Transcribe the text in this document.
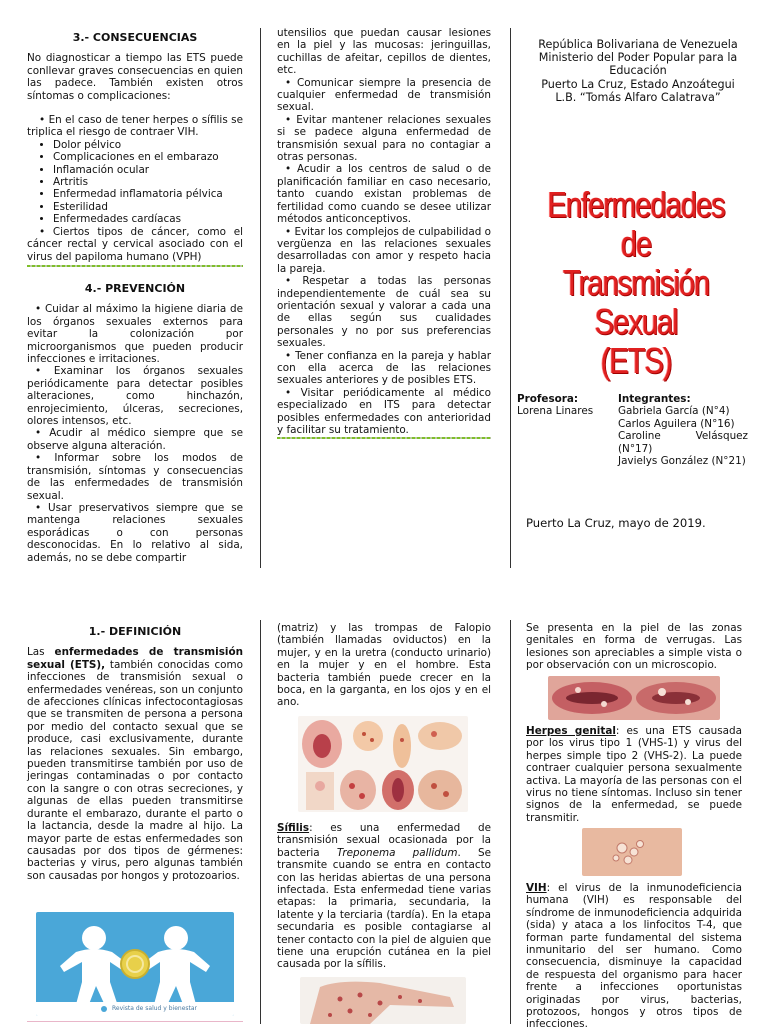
3.- CONSECUENCIAS

No diagnosticar a tiempo las ETS puede conllevar graves consecuencias en quien las padece. También existen otros síntomas o complicaciones:

• En el caso de tener herpes o sífilis se triplica el riesgo de contraer VIH.

• Dolor pélvico
• Complicaciones en el embarazo
• Inflamación ocular
• Artritis
• Enfermedad inflamatoria pélvica
• Esterilidad
• Enfermedades cardíacas

• Ciertos tipos de cáncer, como el cáncer rectal y cervical asociado con el virus del papiloma humano (VPH)

4.- PREVENCIÓN

• Cuidar al máximo la higiene diaria de los órganos sexuales externos para evitar la colonización por microorganismos que pueden producir infecciones e irritaciones.

• Examinar los órganos sexuales periódicamente para detectar posibles alteraciones, como hinchazón, enrojecimiento, úlceras, secreciones, olores intensos, etc.

• Acudir al médico siempre que se observe alguna alteración.

• Informar sobre los modos de transmisión, síntomas y consecuencias de las enfermedades de transmisión sexual.

• Usar preservativos siempre que se mantenga relaciones sexuales esporádicas o con personas desconocidas. En lo relativo al sida, además, no se debe compartir

utensilios que puedan causar lesiones en la piel y las mucosas: jeringuillas, cuchillas de afeitar, cepillos de dientes, etc.

• Comunicar siempre la presencia de cualquier enfermedad de transmisión sexual.

• Evitar mantener relaciones sexuales si se padece alguna enfermedad de transmisión sexual para no contagiar a otras personas.

• Acudir a los centros de salud o de planificación familiar en caso necesario, tanto cuando existan problemas de fertilidad como cuando se desee utilizar métodos anticonceptivos.

• Evitar los complejos de culpabilidad o vergüenza en las relaciones sexuales desarrolladas con amor y respeto hacia la pareja.

• Respetar a todas las personas independientemente de cuál sea su orientación sexual y valorar a cada una de ellas según sus cualidades personales y no por sus preferencias sexuales.

• Tener confianza en la pareja y hablar con ella acerca de las relaciones sexuales anteriores y de posibles ETS.

• Visitar periódicamente al médico especializado en ITS para detectar posibles enfermedades con anterioridad y facilitar su tratamiento.

República Bolivariana de Venezuela
Ministerio del Poder Popular para la Educación
Puerto La Cruz, Estado Anzoátegui
L.B. “Tomás Alfaro Calatrava”
Enfermedades de
Transmisión Sexual
(ETS)
Profesora:
Lorena Linares
Integrantes:
Gabriela García (N°4)
Carlos Aguilera (N°16)
Caroline Velásquez (N°17)
Javielys González (N°21)
Puerto La Cruz, mayo de 2019.
1.- DEFINICIÓN

Las enfermedades de transmisión sexual (ETS), también conocidas como infecciones de transmisión sexual o enfermedades venéreas, son un conjunto de afecciones clínicas infectocontagiosas que se transmiten de persona a persona por medio del contacto sexual que se produce, casi exclusivamente, durante las relaciones sexuales. Sin embargo, pueden transmitirse también por uso de jeringas contaminadas o por contacto con la sangre o con otras secreciones, y algunas de ellas pueden transmitirse durante el embarazo, durante el parto o la lactancia, desde la madre al hijo. La mayor parte de estas enfermedades son causadas por dos tipos de gérmenes: bacterias y virus, pero algunas también son causadas por hongos y protozoarios.

Revista de salud y bienestar

(matriz) y las trompas de Falopio (también llamadas oviductos) en la mujer, y en la uretra (conducto urinario) en la mujer y en el hombre. Esta bacteria también puede crecer en la boca, en la garganta, en los ojos y en el ano.

Sífilis: es una enfermedad de transmisión sexual ocasionada por la bacteria Treponema pallidum. Se transmite cuando se entra en contacto con las heridas abiertas de una persona infectada. Esta enfermedad tiene varias etapas: la primaria, secundaria, la latente y la terciaria (tardía). En la etapa secundaria es posible contagiarse al tener contacto con la piel de alguien que tiene una erupción cutánea en la piel causada por la sífilis.

Se presenta en la piel de las zonas genitales en forma de verrugas. Las lesiones son apreciables a simple vista o por observación con un microscopio.

Herpes genital: es una ETS causada por los virus tipo 1 (VHS-1) y virus del herpes simple tipo 2 (VHS-2). La puede contraer cualquier persona sexualmente activa. La mayoría de las personas con el virus no tiene síntomas. Incluso sin tener signos de la enfermedad, se puede transmitir.

VIH: el virus de la inmunodeficiencia humana (VIH) es responsable del síndrome de inmunodeficiencia adquirida (sida) y ataca a los linfocitos T-4, que forman parte fundamental del sistema inmunitario del ser humano. Como consecuencia, disminuye la capacidad de respuesta del organismo para hacer frente a infecciones oportunistas originadas por virus, bacterias, protozoos, hongos y otros tipos de infecciones.
